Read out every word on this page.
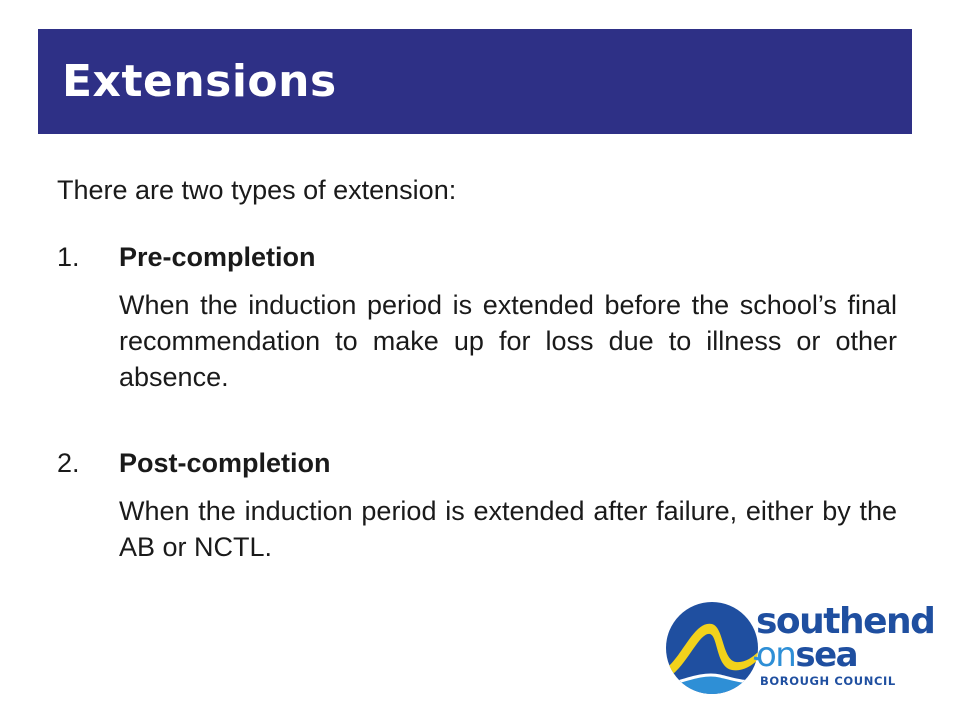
Extensions
There are two types of extension:
1. Pre-completion
When the induction period is extended before the school’s final recommendation to make up for loss due to illness or other absence.
2. Post-completion
When the induction period is extended after failure, either by the AB or NCTL.
southend
onsea
BOROUGH COUNCIL
